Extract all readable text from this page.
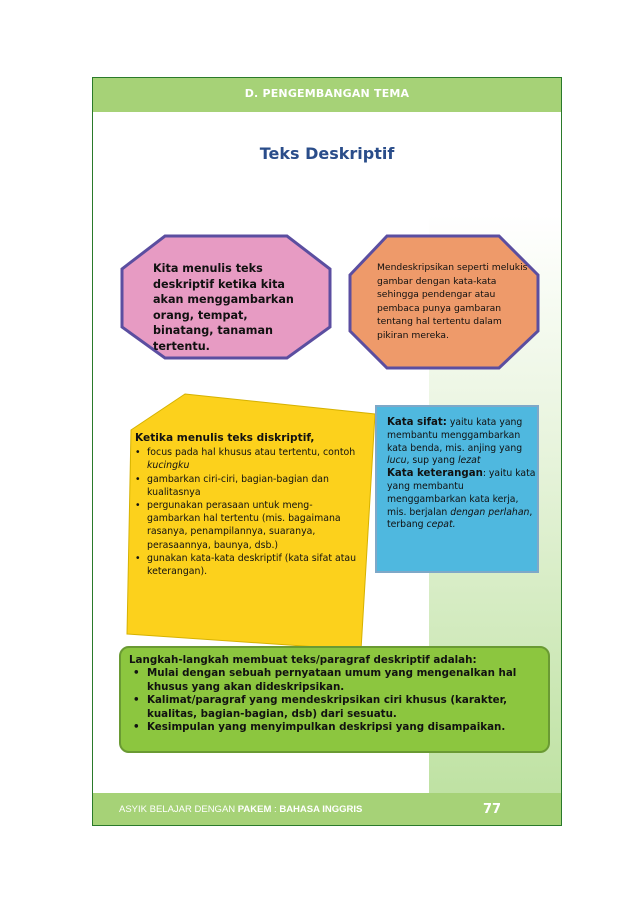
D. PENGEMBANGAN TEMA
Teks Deskriptif
Kita menulis teks deskriptif ketika kita akan menggambarkan orang, tempat, binatang, tanaman tertentu.
Mendeskripsikan seperti melukis gambar dengan kata-kata sehingga pendengar atau pembaca punya gambaran tentang hal tertentu dalam pikiran mereka.
Ketika menulis teks diskriptif,
• focus pada hal khusus atau tertentu, contoh kucingku
• gambarkan ciri-ciri, bagian-bagian dan kualitasnya
• pergunakan perasaan untuk meng-gambarkan hal tertentu (mis. bagaimana rasanya, penampilannya, suaranya, perasaannya, baunya, dsb.)
• gunakan kata-kata deskriptif (kata sifat atau keterangan).
Kata sifat: yaitu kata yang membantu menggambarkan kata benda, mis. anjing yang lucu, sup yang lezat
Kata keterangan: yaitu kata yang membantu menggambarkan kata kerja, mis. berjalan dengan perlahan, terbang cepat.
Langkah-langkah membuat teks/paragraf deskriptif adalah:
• Mulai dengan sebuah pernyataan umum yang mengenalkan hal khusus yang akan dideskripsikan.
• Kalimat/paragraf yang mendeskripsikan ciri khusus (karakter, kualitas, bagian-bagian, dsb) dari sesuatu.
• Kesimpulan yang menyimpulkan deskripsi yang disampaikan.
ASYIK BELAJAR DENGAN PAKEM : BAHASA INGGRIS	77
